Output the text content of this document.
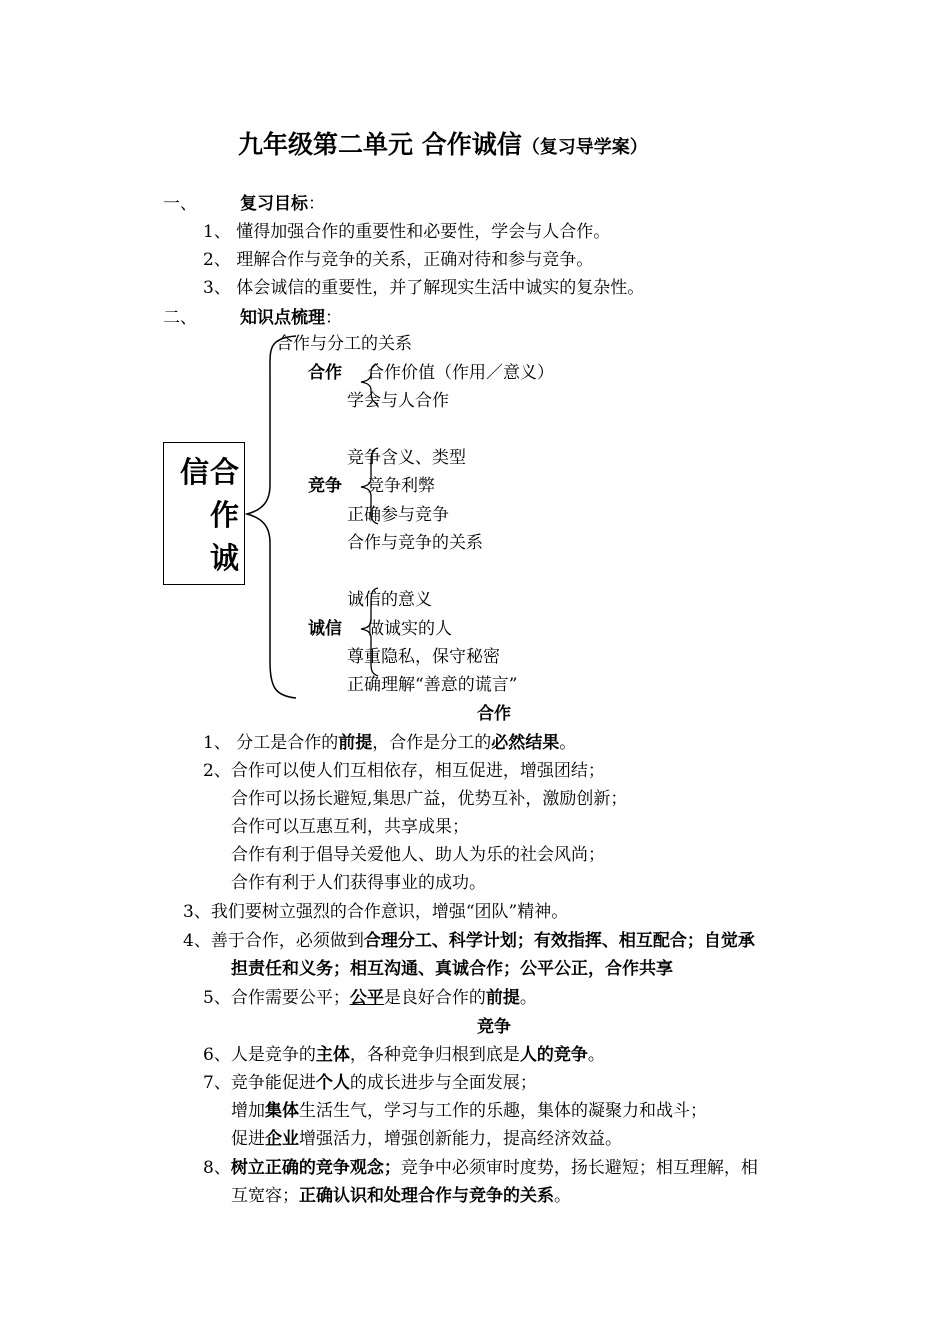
九年级第二单元 合作诚信（复习导学案）
一、	复习目标：
1、 懂得加强合作的重要性和必要性，学会与人合作。
2、 理解合作与竞争的关系，正确对待和参与竞争。
3、 体会诚信的重要性，并了解现实生活中诚实的复杂性。
二、	知识点梳理：
信 合
作
诚
合作与分工的关系
合作 合作价值（作用／意义）
学会与人合作
竞争含义、类型
竞争 竞争利弊
正确参与竞争
合作与竞争的关系
诚信的意义
诚信 做诚实的人
尊重隐私，保守秘密
正确理解“善意的谎言”
合作
1、 分工是合作的前提，合作是分工的必然结果。
2、合作可以使人们互相依存，相互促进，增强团结；
合作可以扬长避短,集思广益，优势互补，激励创新；
合作可以互惠互利，共享成果；
合作有利于倡导关爱他人、助人为乐的社会风尚；
合作有利于人们获得事业的成功。
3、我们要树立强烈的合作意识，增强“团队”精神。
4、善于合作，必须做到合理分工、科学计划；有效指挥、相互配合；自觉承
担责任和义务；相互沟通、真诚合作；公平公正，合作共享
5、合作需要公平；公平是良好合作的前提。
竞争
6、人是竞争的主体，各种竞争归根到底是人的竞争。
7、竞争能促进个人的成长进步与全面发展；
增加集体生活生气，学习与工作的乐趣，集体的凝聚力和战斗；
促进企业增强活力，增强创新能力，提高经济效益。
8、树立正确的竞争观念；竞争中必须审时度势，扬长避短；相互理解，相
互宽容；正确认识和处理合作与竞争的关系。
